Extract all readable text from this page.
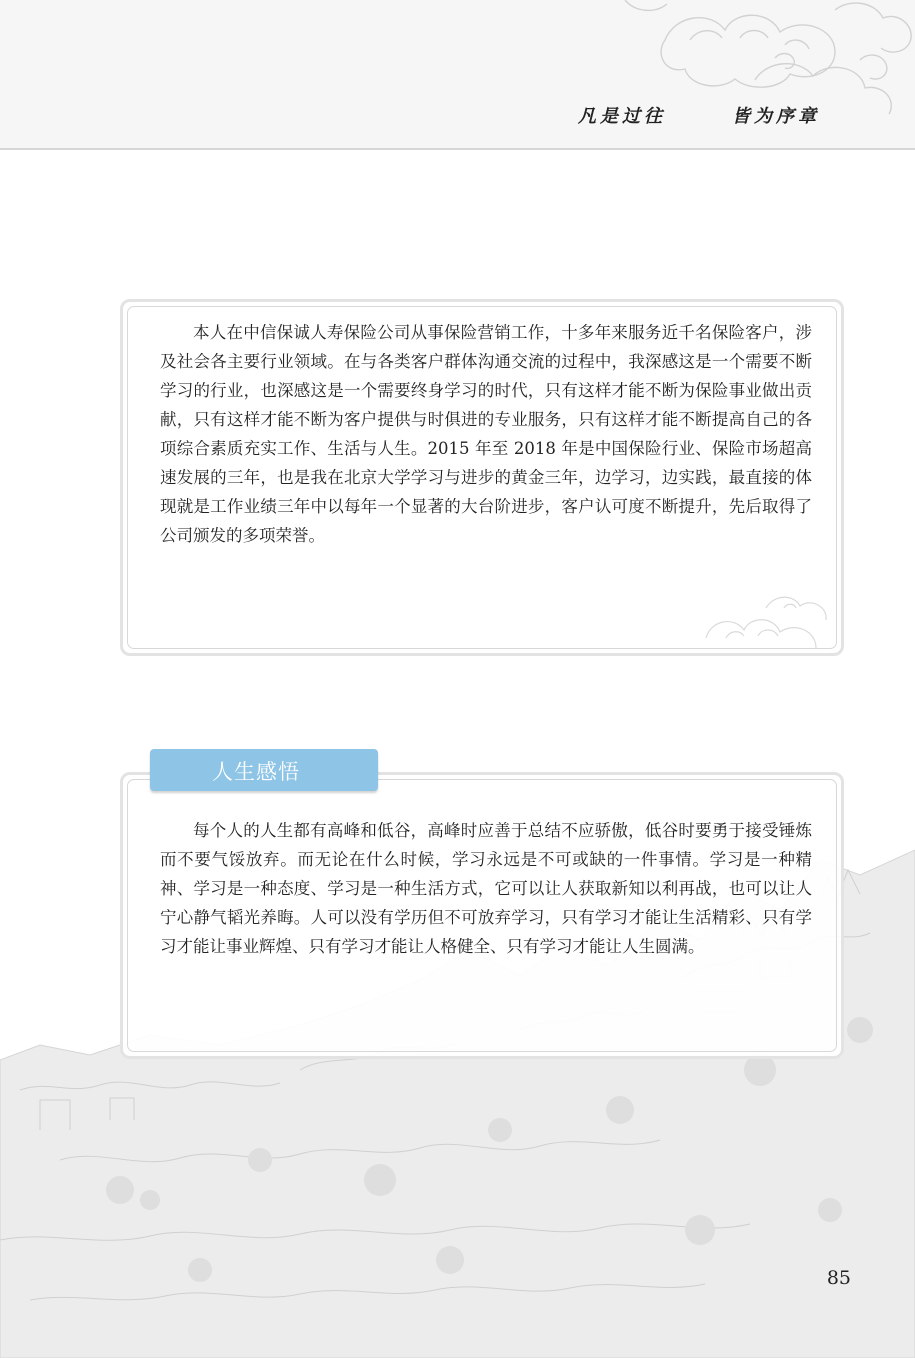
凡是过往	皆为序章

本人在中信保诚人寿保险公司从事保险营销工作，十多年来服务近千名保险客户，涉及社会各主要行业领域。在与各类客户群体沟通交流的过程中，我深感这是一个需要不断学习的行业，也深感这是一个需要终身学习的时代，只有这样才能不断为保险事业做出贡献，只有这样才能不断为客户提供与时俱进的专业服务，只有这样才能不断提高自己的各项综合素质充实工作、生活与人生。2015 年至 2018 年是中国保险行业、保险市场超高速发展的三年，也是我在北京大学学习与进步的黄金三年，边学习，边实践，最直接的体现就是工作业绩三年中以每年一个显著的大台阶进步，客户认可度不断提升，先后取得了公司颁发的多项荣誉。

人生感悟

每个人的人生都有高峰和低谷，高峰时应善于总结不应骄傲，低谷时要勇于接受锤炼而不要气馁放弃。而无论在什么时候，学习永远是不可或缺的一件事情。学习是一种精神、学习是一种态度、学习是一种生活方式，它可以让人获取新知以利再战，也可以让人宁心静气韬光养晦。人可以没有学历但不可放弃学习，只有学习才能让生活精彩、只有学习才能让事业辉煌、只有学习才能让人格健全、只有学习才能让人生圆满。

85
